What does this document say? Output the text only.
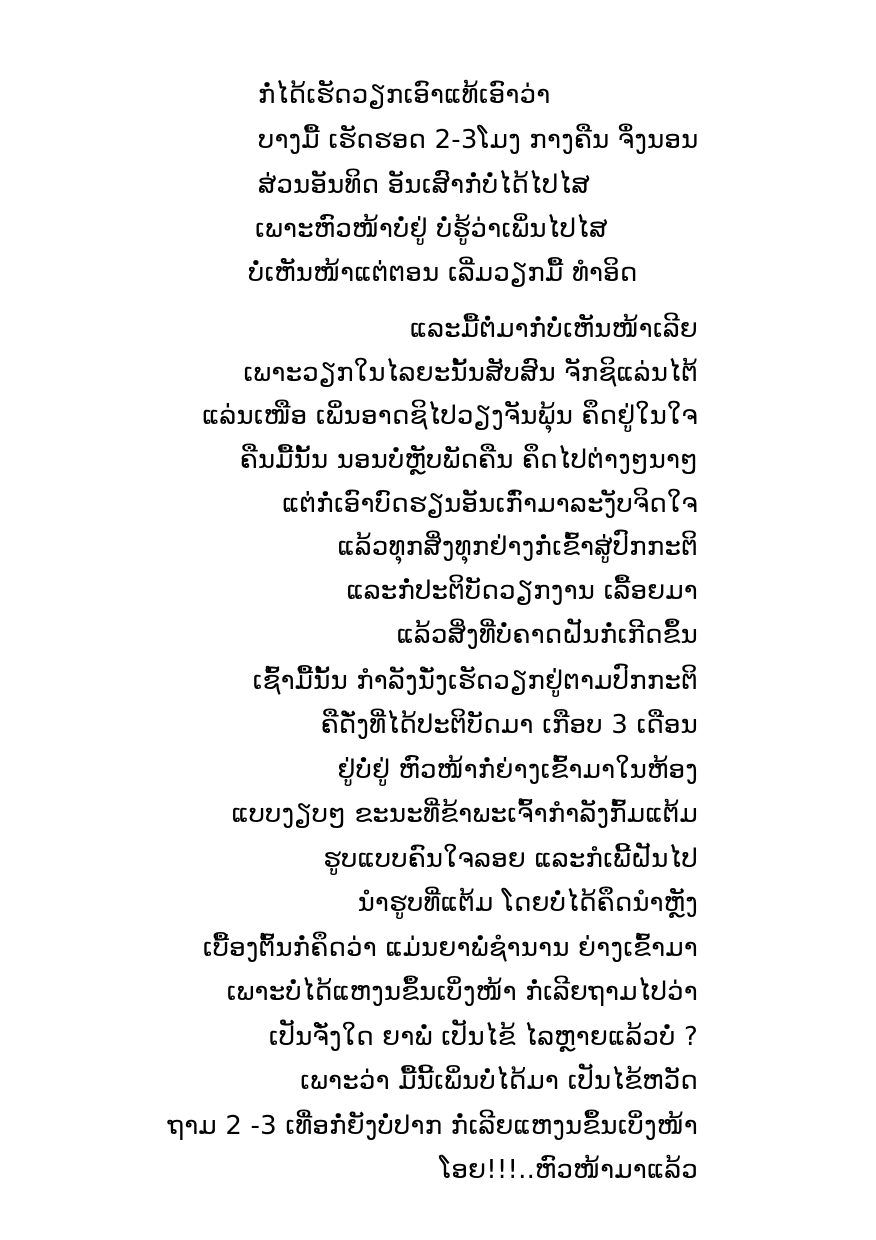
ກໍ່ໄດ້ເຮັດວຽກເອົາແທ້ເອົາວ່າ
ບາງມື້ ເຮັດຮອດ 2-3ໂມງ ກາງຄືນ ຈຶ່ງນອນ
ສ່ວນອັນທິດ ອັນເສົາກໍ່ບໍ່ໄດ້ໄປໄສ
ເພາະຫົວໜ້າບໍ່ຢູ່ ບໍ່ຮູ້ວ່າເພິ່ນໄປໄສ
ບໍ່ເຫັນໜ້າແຕ່ຕອນ ເລີ່ມວຽກມື້ ທຳອິດ
ແລະມື້ຕໍ່ມາກໍ່ບໍ່ເຫັນໜ້າເລີຍ
ເພາະວຽກໃນໄລຍະນັ້ນສັບສົນ ຈັກຊິແລ່ນໄຕ້
ແລ່ນເໜືອ ເພິ່ນອາດຊິໄປວຽງຈັນພຸ້ນ ຄຶດຢູ່ໃນໃຈ
ຄືນມື້ນັ້ນ ນອນບໍ່ຫຼັບພັດຄືນ ຄຶດໄປຕ່າງໆນາໆ
ແຕ່ກໍ່ເອົາບົດຮຽນອັນເກົ່າມາລະງັບຈິດໃຈ
ແລ້ວທຸກສິ່ງທຸກຢ່າງກໍ່ເຂົ້າສູ່ປົກກະຕິ
ແລະກໍ່ປະຕິບັດວຽກງານ ເລື້ອຍມາ
ແລ້ວສິ່ງທີ່ບໍ່ຄາດຝັນກໍ່ເກີດຂຶ້ນ
ເຊົ້າມື້ນັ້ນ ກຳລັງນັ່ງເຮັດວຽກຢູ່ຕາມປົກກະຕິ
ຄືດັ່ງທີ່ໄດ້ປະຕິບັດມາ ເກືອບ 3 ເດືອນ
ຢູ່ບໍ່ຢູ່ ຫົວໜ້າກໍ່ຍ່າງເຂົ້າມາໃນຫ້ອງ
ແບບງຽບໆ ຂະນະທີ່ຂ້າພະເຈົ້າກຳລັງກົ້ມແຕ້ມ
ຮູບແບບຄົນໃຈລອຍ ແລະກໍເພີ້ຝັນໄປ
ນຳຮູບທີ່ແຕ້ມ ໂດຍບໍ່ໄດ້ຄຶດນຳຫຼັງ
ເບື້ອງຕົ້ນກໍ່ຄຶດວ່າ ແມ່ນຍາພໍ່ຊຳນານ ຍ່າງເຂົ້າມາ
ເພາະບໍ່ໄດ້ແຫງນຂຶ້ນເບິ່ງໜ້າ ກໍ່ເລີຍຖາມໄປວ່າ
ເປັນຈັ່ງໃດ ຍາພໍ່ ເປັນໄຂ້ ໄລຫຼາຍແລ້ວບໍ່ ?
ເພາະວ່າ ມື້ນີ້ເພິ່ນບໍ່ໄດ້ມາ ເປັນໄຂ້ຫວັດ
ຖາມ 2 -3 ເທື່ອກໍ່ຍັງບໍ່ປາກ ກໍ່ເລີຍແຫງນຂຶ້ນເບິ່ງໜ້າ
ໂອຍ!!!..ຫົວໜ້າມາແລ້ວ
